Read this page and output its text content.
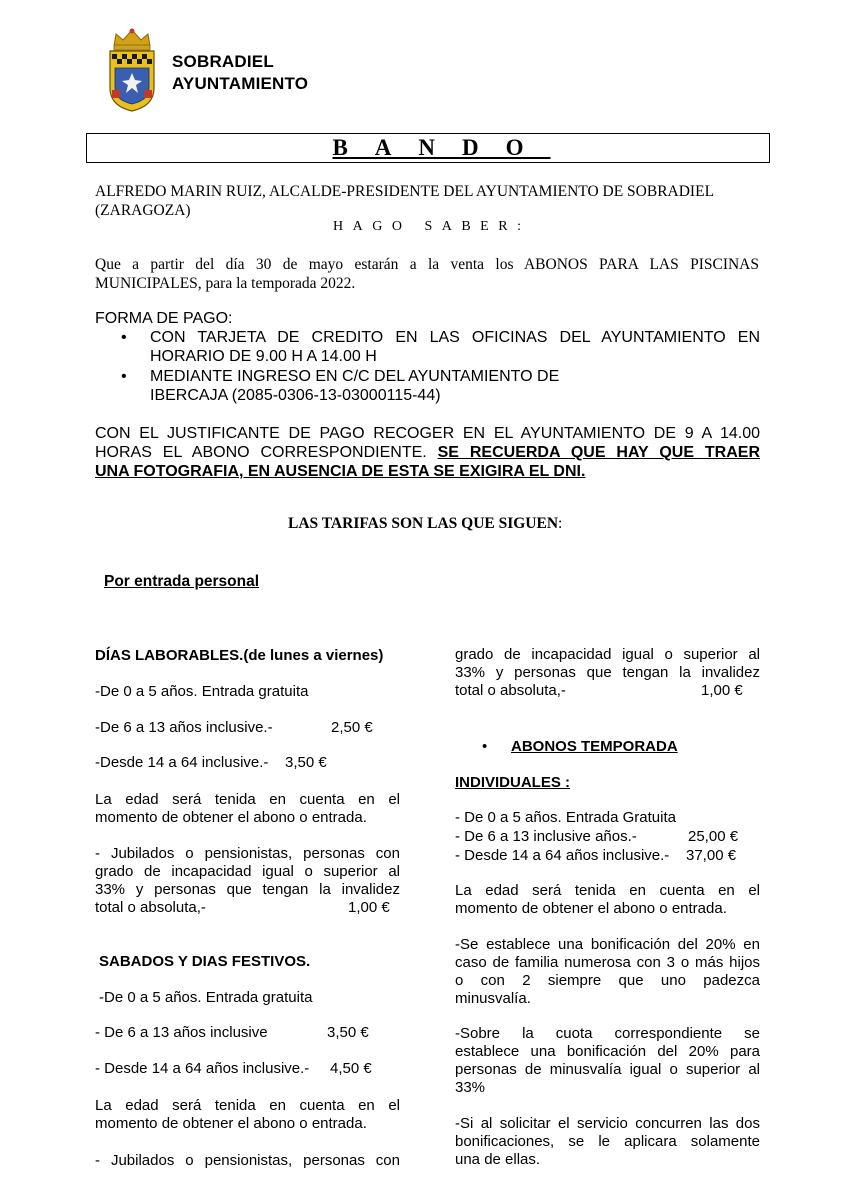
SOBRADIEL
AYUNTAMIENTO
BANDO
ALFREDO MARIN RUIZ, ALCALDE-PRESIDENTE DEL AYUNTAMIENTO DE SOBRADIEL
(ZARAGOZA)
HAGO SABER:
Que a partir del día 30 de mayo estarán a la venta los ABONOS PARA LAS PISCINAS
MUNICIPALES, para la temporada 2022.
FORMA DE PAGO:
• CON TARJETA DE CREDITO EN LAS OFICINAS DEL AYUNTAMIENTO EN
HORARIO DE 9.00 H A 14.00 H
• MEDIANTE INGRESO EN C/C DEL AYUNTAMIENTO DE
IBERCAJA (2085-0306-13-03000115-44)
CON EL JUSTIFICANTE DE PAGO RECOGER EN EL AYUNTAMIENTO DE 9 A 14.00
HORAS EL ABONO CORRESPONDIENTE. SE RECUERDA QUE HAY QUE TRAER
UNA FOTOGRAFIA, EN AUSENCIA DE ESTA SE EXIGIRA EL DNI.
LAS TARIFAS SON LAS QUE SIGUEN:
Por entrada personal
DÍAS LABORABLES.(de lunes a viernes)
-De 0 a 5 años. Entrada gratuita
-De 6 a 13 años inclusive.-	2,50 €
-Desde 14 a 64 inclusive.- 3,50 €
La edad será tenida en cuenta en el
momento de obtener el abono o entrada.
- Jubilados o pensionistas, personas con
grado de incapacidad igual o superior al
33% y personas que tengan la invalidez
total o absoluta,-	1,00 €
SABADOS Y DIAS FESTIVOS.
-De 0 a 5 años. Entrada gratuita
- De 6 a 13 años inclusive	3,50 €
- Desde 14 a 64 años inclusive.- 4,50 €
La edad será tenida en cuenta en el
momento de obtener el abono o entrada.
- Jubilados o pensionistas, personas con
grado de incapacidad igual o superior al
33% y personas que tengan la invalidez
total o absoluta,-	1,00 €
• ABONOS TEMPORADA
INDIVIDUALES :
- De 0 a 5 años. Entrada Gratuita
- De 6 a 13 inclusive años.-	25,00 €
- Desde 14 a 64 años inclusive.- 37,00 €
La edad será tenida en cuenta en el
momento de obtener el abono o entrada.
-Se establece una bonificación del 20% en
caso de familia numerosa con 3 o más hijos
o con 2 siempre que uno padezca
minusvalía.
-Sobre la cuota correspondiente se
establece una bonificación del 20% para
personas de minusvalía igual o superior al
33%
-Si al solicitar el servicio concurren las dos
bonificaciones, se le aplicara solamente
una de ellas.
